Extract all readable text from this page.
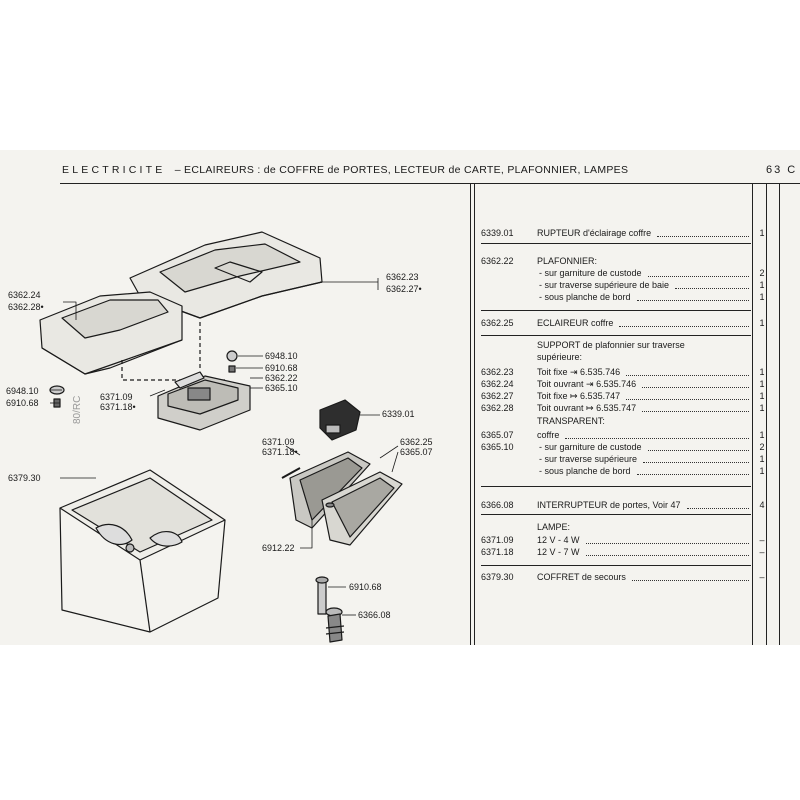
ELECTRICITE – ECLAIREURS : de COFFRE de PORTES, LECTEUR de CARTE, PLAFONNIER, LAMPES	63 C
6339.01	RUPTEUR d'éclairage coffre	1
6362.22	PLAFONNIER:
- sur garniture de custode	2
- sur traverse supérieure de baie	1
- sous planche de bord	1
6362.25	ECLAIREUR coffre	1
SUPPORT de plafonnier sur traverse
supérieure:
6362.23	Toit fixe ⇥ 6.535.746	1
6362.24	Toit ouvrant ⇥ 6.535.746	1
6362.27	Toit fixe ↦ 6.535.747	1
6362.28	Toit ouvrant ↦ 6.535.747	1
TRANSPARENT:
6365.07	coffre	1
6365.10	- sur garniture de custode	2
- sur traverse supérieure	1
- sous planche de bord	1
6366.08	INTERRUPTEUR de portes, Voir 47	4
LAMPE:
6371.09	12 V - 4 W	–
6371.18	12 V - 7 W	–
6379.30	COFFRET de secours	–
6362.24
6362.28•
6362.23
6362.27•
6948.10
6910.68
6362.22
6365.10
6948.10
6910.68
6371.09
6371.18•
6339.01
6371.09
6371.18•
6362.25
6365.07
6379.30
6912.22
6910.68
6366.08
80/RC
